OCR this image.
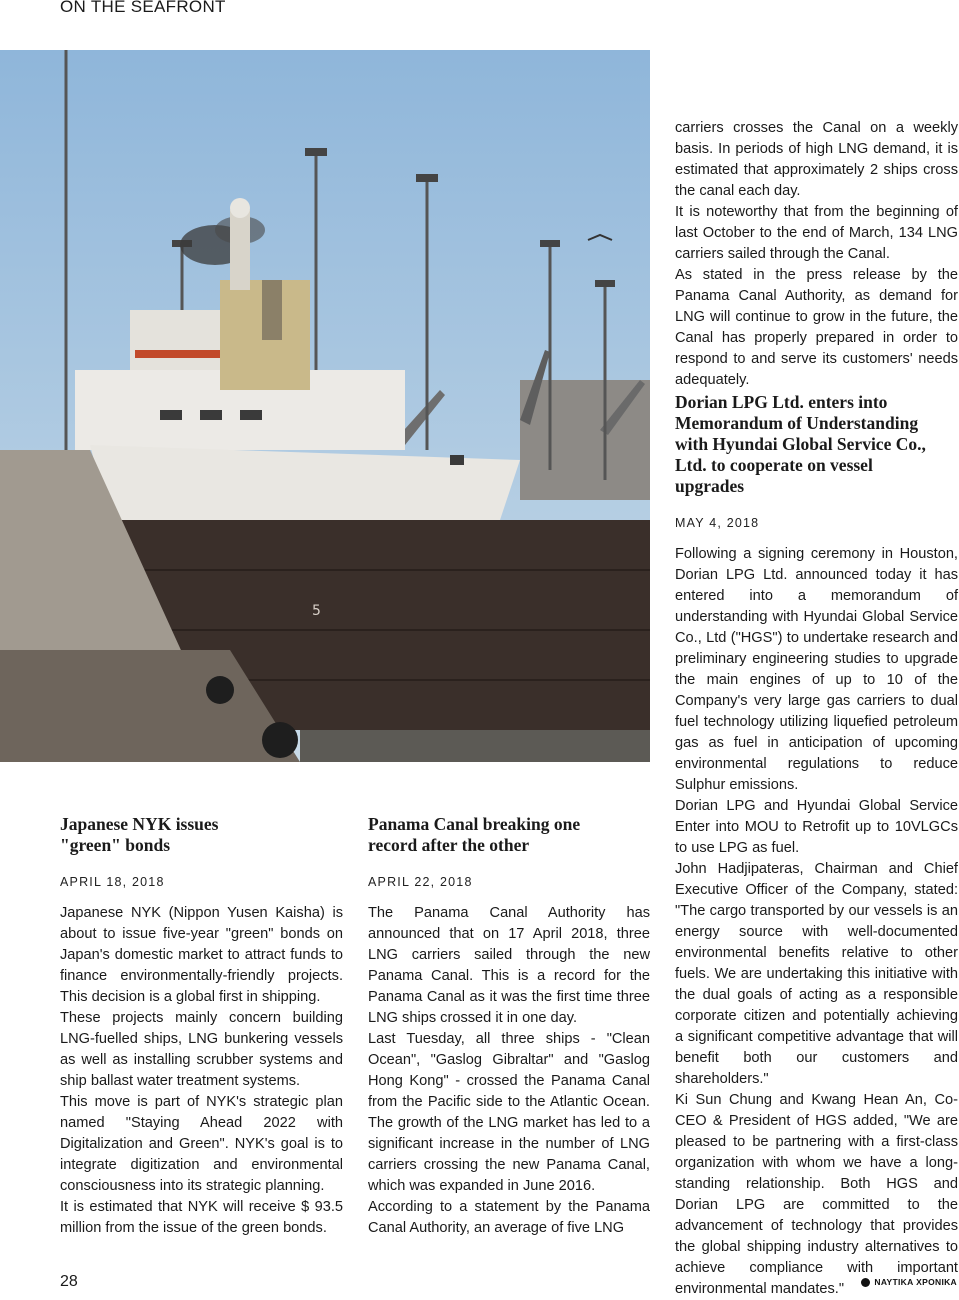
ON THE SEAFRONT
5
Japanese NYK issues "green" bonds
APRIL 18, 2018

Japanese NYK (Nippon Yusen Kaisha) is about to issue five-year "green" bonds on Japan's domestic market to attract funds to finance environmentally-friendly projects. This decision is a global first in shipping.

These projects mainly concern building LNG-fuelled ships, LNG bunkering vessels as well as installing scrubber systems and ship ballast water treatment systems.

This move is part of NYK's strategic plan named "Staying Ahead 2022 with Digitalization and Green". NYK's goal is to integrate digitization and environmental consciousness into its strategic planning.

It is estimated that NYK will receive $ 93.5 million from the issue of the green bonds.

Panama Canal breaking one record after the other
APRIL 22, 2018

The Panama Canal Authority has announced that on 17 April 2018, three LNG carriers sailed through the new Panama Canal. This is a record for the Panama Canal as it was the first time three LNG ships crossed it in one day.

Last Tuesday, all three ships - "Clean Ocean", "Gaslog Gibraltar" and "Gaslog Hong Kong" - crossed the Panama Canal from the Pacific side to the Atlantic Ocean. The growth of the LNG market has led to a significant increase in the number of LNG carriers crossing the new Panama Canal, which was expanded in June 2016.

According to a statement by the Panama Canal Authority, an average of five LNG

carriers crosses the Canal on a weekly basis. In periods of high LNG demand, it is estimated that approximately 2 ships cross the canal each day.

It is noteworthy that from the beginning of last October to the end of March, 134 LNG carriers sailed through the Canal.

As stated in the press release by the Panama Canal Authority, as demand for LNG will continue to grow in the future, the Canal has properly prepared in order to respond to and serve its customers' needs adequately.

Dorian LPG Ltd. enters into Memorandum of Understanding with Hyundai Global Service Co., Ltd. to cooperate on vessel upgrades
MAY 4, 2018

Following a signing ceremony in Houston, Dorian LPG Ltd. announced today it has entered into a memorandum of understanding with Hyundai Global Service Co., Ltd ("HGS") to undertake research and preliminary engineering studies to upgrade the main engines of up to 10 of the Company's very large gas carriers to dual fuel technology utilizing liquefied petroleum gas as fuel in anticipation of upcoming environmental regulations to reduce Sulphur emissions.

Dorian LPG and Hyundai Global Service Enter into MOU to Retrofit up to 10VLGCs to use LPG as fuel.

John Hadjipateras, Chairman and Chief Executive Officer of the Company, stated: "The cargo transported by our vessels is an energy source with well-documented environmental benefits relative to other fuels. We are undertaking this initiative with the dual goals of acting as a responsible corporate citizen and potentially achieving a significant competitive advantage that will benefit both our customers and shareholders."

Ki Sun Chung and Kwang Hean An, Co-CEO & President of HGS added, "We are pleased to be partnering with a first-class organization with whom we have a long-standing relationship. Both HGS and Dorian LPG are committed to the advancement of technology that provides the global shipping industry alternatives to achieve compliance with important environmental mandates."

28	ΝΑΥΤΙΚΑ ΧΡΟΝΙΚΑ
